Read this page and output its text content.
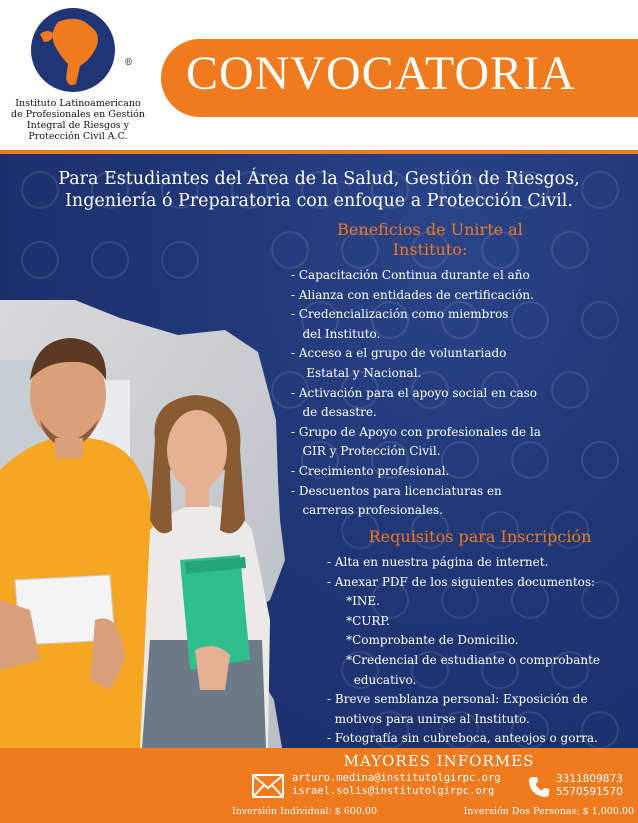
®
Instituto Latinoamericano
de Profesionales en Gestión
Integral de Riesgos y
Protección Civil A.C.
CONVOCATORIA
Para Estudiantes del Área de la Salud, Gestión de Riesgos,
Ingeniería ó Preparatoria con enfoque a Protección Civil.
Beneficios de Unirte al
Instituto:
- Capacitación Continua durante el año
- Alianza con entidades de certificación.
- Credencialización como miembros
del Instituto.
- Acceso a el grupo de voluntariado
Estatal y Nacional.
- Activación para el apoyo social en caso
de desastre.
- Grupo de Apoyo con profesionales de la
GIR y Protección Civil.
- Crecimiento profesional.
- Descuentos para licenciaturas en
carreras profesionales.
Requisitos para Inscripción
- Alta en nuestra página de internet.
- Anexar PDF de los siguientes documentos:
*INE.
*CURP.
*Comprobante de Domicilio.
*Credencial de estudiante o comprobante
educativo.
- Breve semblanza personal: Exposición de
motivos para unirse al Instituto.
- Fotografía sin cubreboca, anteojos o gorra.
MAYORES INFORMES
arturo.medina@institutolgirpc.org
israel.solis@institutolgirpc.org
3311809873
5570591570
Inversión Individual: $ 600.00	Inversión Dos Personas: $ 1,000.00
